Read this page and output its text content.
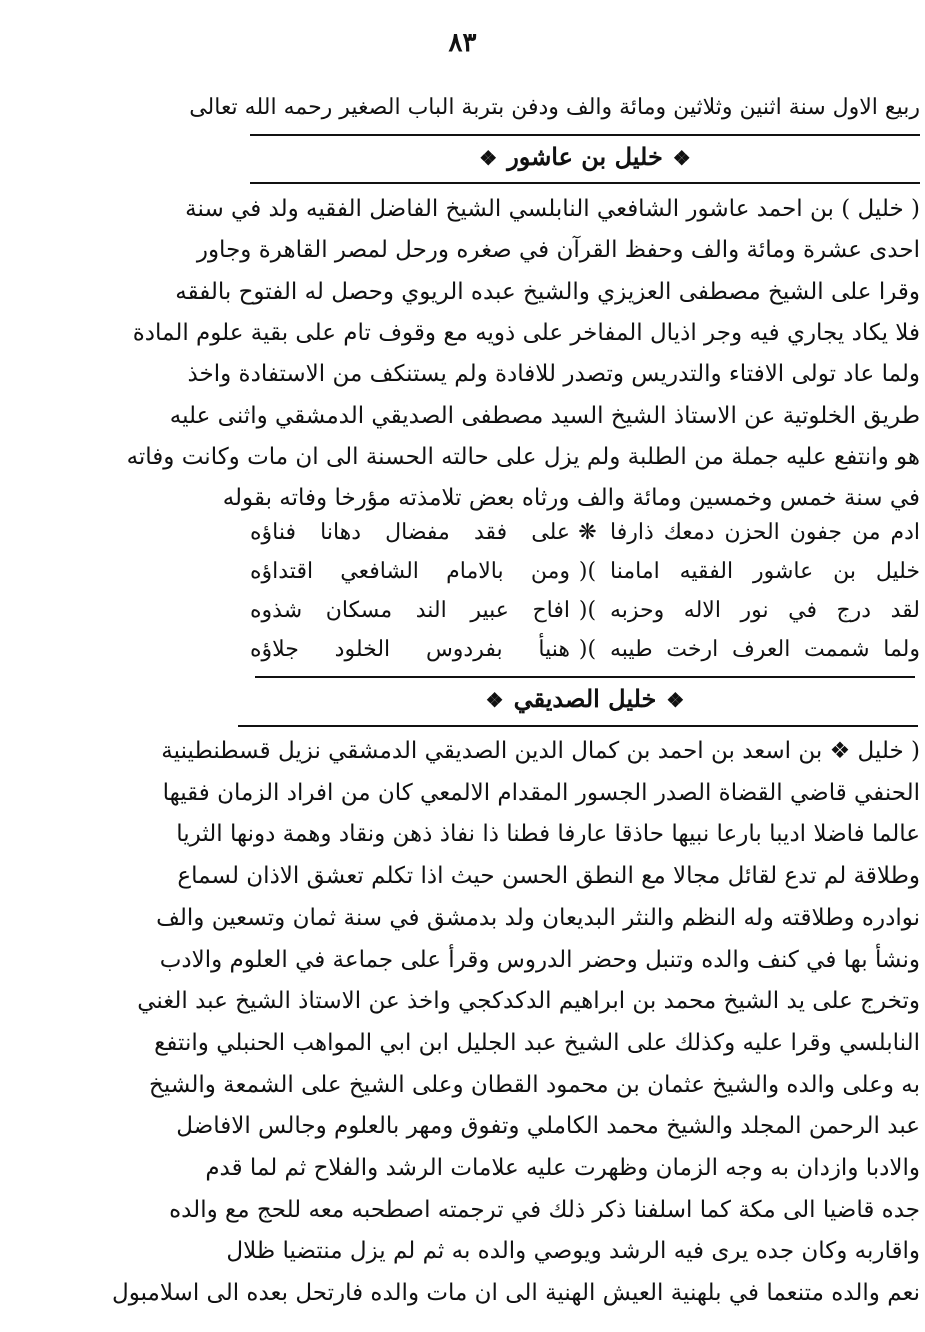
٨٣
ربيع الاول سنة اثنين وثلاثين ومائة والف ودفن بتربة الباب الصغير رحمه الله تعالى
❖خليل بن عاشور❖
( خليل ) بن احمد عاشور الشافعي النابلسي الشيخ الفاضل الفقيه ولد في سنة
احدى عشرة ومائة والف وحفظ القرآن في صغره ورحل لمصر القاهرة وجاور
وقرا على الشيخ مصطفى العزيزي والشيخ عبده الريوي وحصل له الفتوح بالفقه
فلا يكاد يجاري فيه وجر اذيال المفاخر على ذويه مع وقوف تام على بقية علوم المادة
ولما عاد تولى الافتاء والتدريس وتصدر للافادة ولم يستنكف من الاستفادة واخذ
طريق الخلوتية عن الاستاذ الشيخ السيد مصطفى الصديقي الدمشقي واثنى عليه
هو وانتفع عليه جملة من الطلبة ولم يزل على حالته الحسنة الى ان مات وكانت وفاته
في سنة خمس وخمسين ومائة والف ورثاه بعض تلامذته مؤرخا وفاته بقوله
ادم من جفون الحزن دمعك ذارفا
❋
على فقد مفضال دهانا فناؤه
خليل بن عاشور الفقيه امامنا
)(
ومن بالامام الشافعي اقتداؤه
لقد درج في نور الاله وحزبه
)(
افاح عبير الند مسكان شذوه
ولما شممت العرف ارخت طيبه
)(
هنيأ بفردوس الخلود جلاؤه
❖خليل الصديقي❖
( خليل ❖ بن اسعد بن احمد بن كمال الدين الصديقي الدمشقي نزيل قسطنطينية
الحنفي قاضي القضاة الصدر الجسور المقدام الالمعي كان من افراد الزمان فقيها
عالما فاضلا اديبا بارعا نبيها حاذقا عارفا فطنا ذا نفاذ ذهن ونقاد وهمة دونها الثريا
وطلاقة لم تدع لقائل مجالا مع النطق الحسن حيث اذا تكلم تعشق الاذان لسماع
نوادره وطلاقته وله النظم والنثر البديعان ولد بدمشق في سنة ثمان وتسعين والف
ونشأ بها في كنف والده وتنبل وحضر الدروس وقرأ على جماعة في العلوم والادب
وتخرج على يد الشيخ محمد بن ابراهيم الدكدكجي واخذ عن الاستاذ الشيخ عبد الغني
النابلسي وقرا عليه وكذلك على الشيخ عبد الجليل ابن ابي المواهب الحنبلي وانتفع
به وعلى والده والشيخ عثمان بن محمود القطان وعلى الشيخ على الشمعة والشيخ
عبد الرحمن المجلد والشيخ محمد الكاملي وتفوق ومهر بالعلوم وجالس الافاضل
والادبا وازدان به وجه الزمان وظهرت عليه علامات الرشد والفلاح ثم لما قدم
جده قاضيا الى مكة كما اسلفنا ذكر ذلك في ترجمته اصطحبه معه للحج مع والده
واقاربه وكان جده يرى فيه الرشد ويوصي والده به ثم لم يزل منتضيا ظلال
نعم والده متنعما في بلهنية العيش الهنية الى ان مات والده فارتحل بعده الى اسلامبول
